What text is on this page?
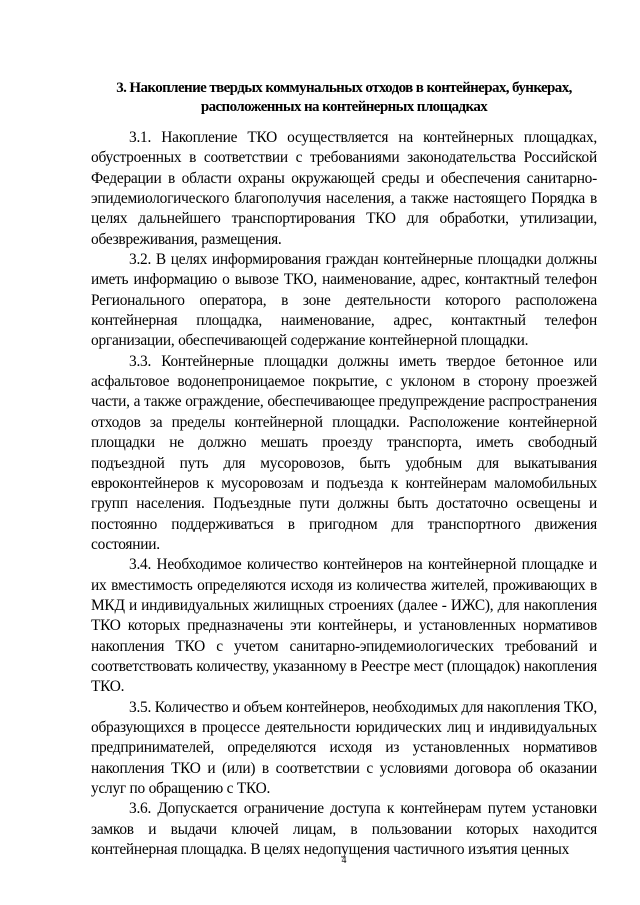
3. Накопление твердых коммунальных отходов в контейнерах, бункерах, расположенных на контейнерных площадках

3.1. Накопление ТКО осуществляется на контейнерных площадках, обустроенных в соответствии с требованиями законодательства Российской Федерации в области охраны окружающей среды и обеспечения санитарно-эпидемиологического благополучия населения, а также настоящего Порядка в целях дальнейшего транспортирования ТКО для обработки, утилизации, обезвреживания, размещения.

3.2. В целях информирования граждан контейнерные площадки должны иметь информацию о вывозе ТКО, наименование, адрес, контактный телефон Регионального оператора, в зоне деятельности которого расположена контейнерная площадка, наименование, адрес, контактный телефон организации, обеспечивающей содержание контейнерной площадки.

3.3. Контейнерные площадки должны иметь твердое бетонное или асфальтовое водонепроницаемое покрытие, с уклоном в сторону проезжей части, а также ограждение, обеспечивающее предупреждение распространения отходов за пределы контейнерной площадки. Расположение контейнерной площадки не должно мешать проезду транспорта, иметь свободный подъездной путь для мусоровозов, быть удобным для выкатывания евроконтейнеров к мусоровозам и подъезда к контейнерам маломобильных групп населения. Подъездные пути должны быть достаточно освещены и постоянно поддерживаться в пригодном для транспортного движения состоянии.

3.4. Необходимое количество контейнеров на контейнерной площадке и их вместимость определяются исходя из количества жителей, проживающих в МКД и индивидуальных жилищных строениях (далее - ИЖС), для накопления ТКО которых предназначены эти контейнеры, и установленных нормативов накопления ТКО с учетом санитарно-эпидемиологических требований и соответствовать количеству, указанному в Реестре мест (площадок) накопления ТКО.

3.5. Количество и объем контейнеров, необходимых для накопления ТКО, образующихся в процессе деятельности юридических лиц и индивидуальных предпринимателей, определяются исходя из установленных нормативов накопления ТКО и (или) в соответствии с условиями договора об оказании услуг по обращению с ТКО.

3.6. Допускается ограничение доступа к контейнерам путем установки замков и выдачи ключей лицам, в пользовании которых находится контейнерная площадка. В целях недопущения частичного изъятия ценных

4
